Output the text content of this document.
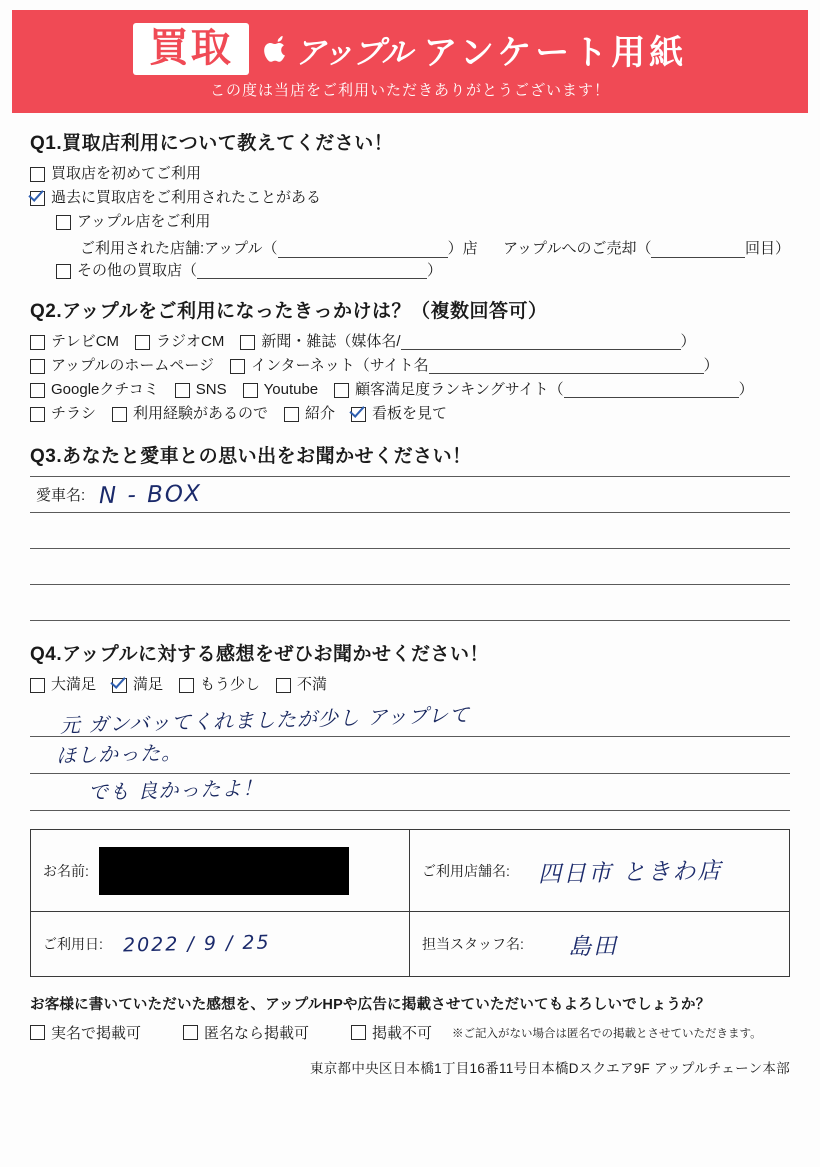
買取	アップル アンケート用紙
この度は当店をご利用いただきありがとうございます！
Q1.買取店利用について教えてください！
買取店を初めてご利用
過去に買取店をご利用されたことがある
アップル店をご利用
ご利用された店舗:アップル（	）店 アップルへのご売却（	回目）
その他の買取店（	）
Q2.アップルをご利用になったきっかけは？（複数回答可）
テレビCM ラジオCM 新聞・雑誌（媒体名/	）
アップルのホームページ インターネット（サイト名	）
Googleクチコミ SNS Youtube 顧客満足度ランキングサイト（	）
チラシ 利用経験があるので 紹介 看板を見て
Q3.あなたと愛車との思い出をお聞かせください！
愛車名: N - BOX
Q4.アップルに対する感想をぜひお聞かせください！
大満足 満足 もう少し 不満
元 ガンバッてくれましたが少し アップレて
ほしかった。
でも 良かったよ！
お名前:	ご利用店舗名: 四日市 ときわ店
ご利用日: 2022 / 9 / 25	担当スタッフ名: 島田
お客様に書いていただいた感想を、アップルHPや広告に掲載させていただいてもよろしいでしょうか？
実名で掲載可	匿名なら掲載可	掲載不可 ※ご記入がない場合は匿名での掲載とさせていただきます。
東京都中央区日本橋1丁目16番11号日本橋Dスクエア9F アップルチェーン本部
